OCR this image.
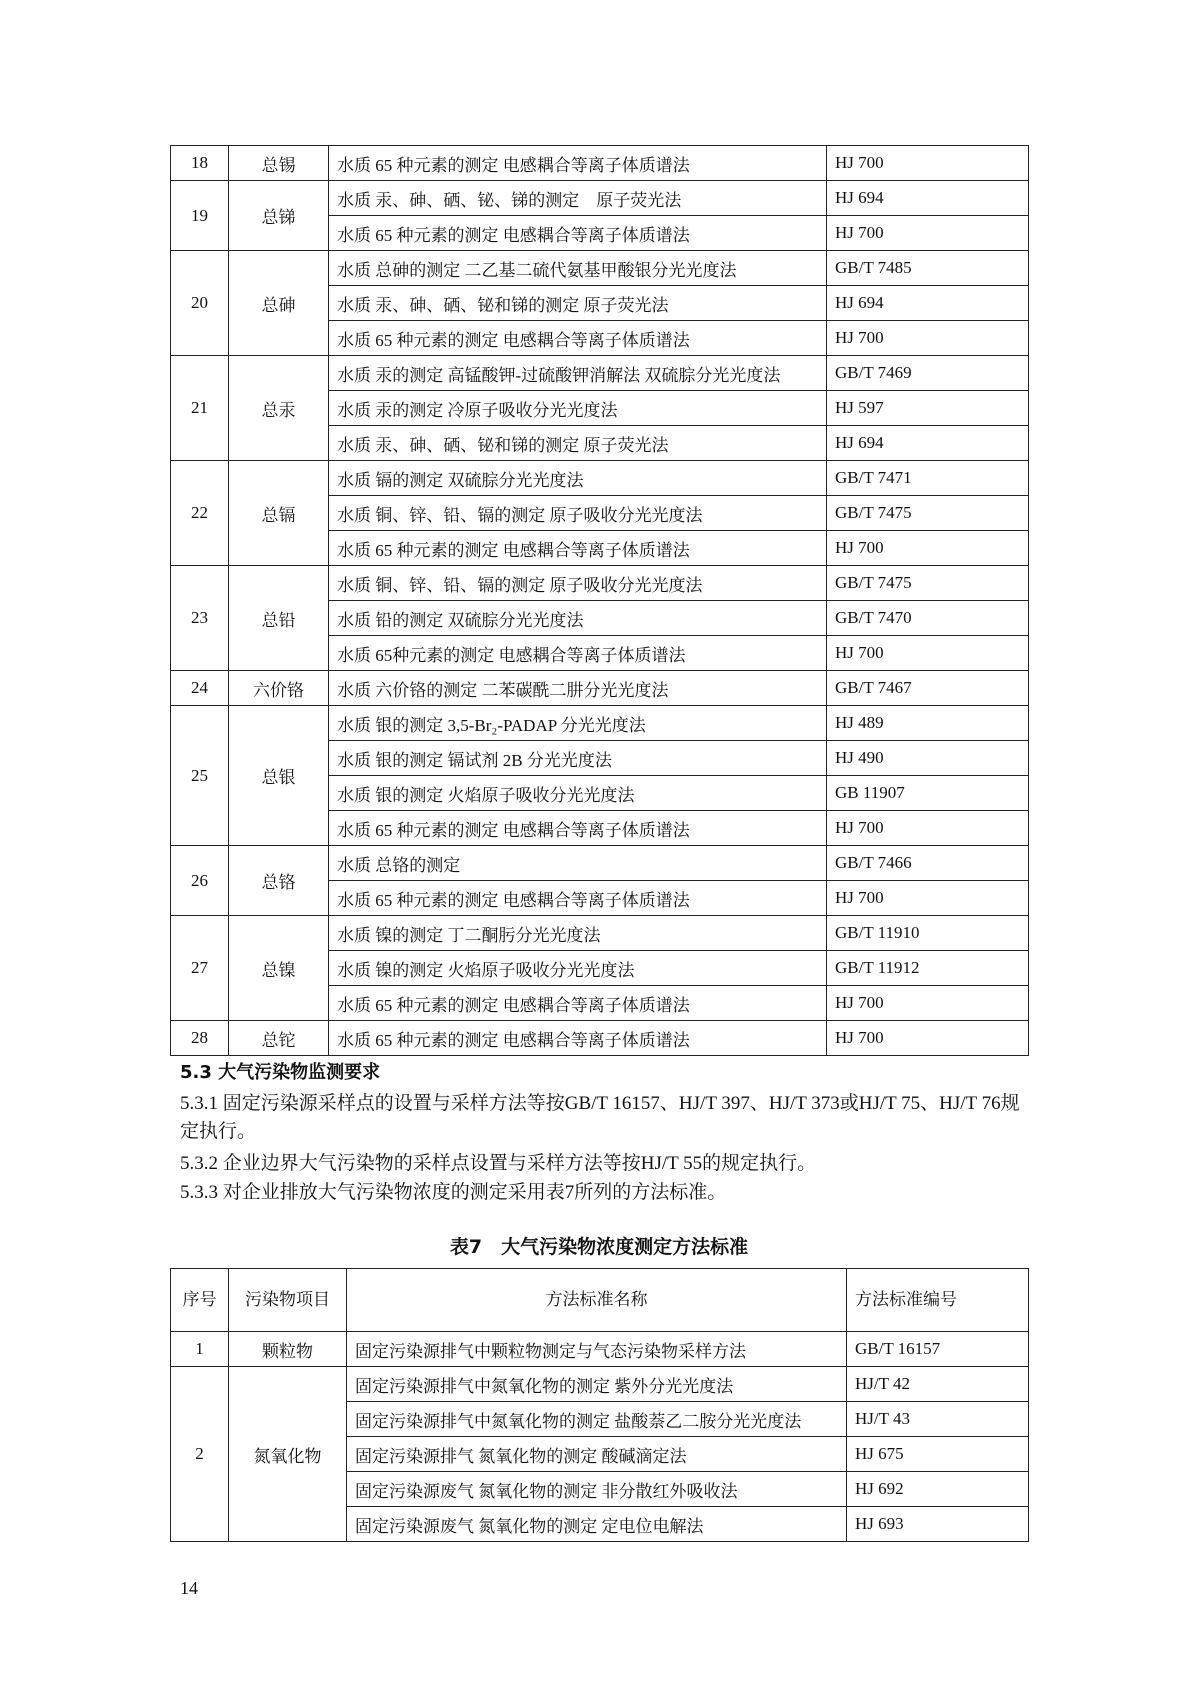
18	总锡	水质 65 种元素的测定 电感耦合等离子体质谱法	HJ 700
19	总锑	水质 汞、砷、硒、铋、锑的测定　原子荧光法	HJ 694
		水质 65 种元素的测定 电感耦合等离子体质谱法	HJ 700
20	总砷	水质 总砷的测定 二乙基二硫代氨基甲酸银分光光度法	GB/T 7485
		水质 汞、砷、硒、铋和锑的测定 原子荧光法	HJ 694
		水质 65 种元素的测定 电感耦合等离子体质谱法	HJ 700
21	总汞	水质 汞的测定 高锰酸钾-过硫酸钾消解法 双硫腙分光光度法	GB/T 7469
		水质 汞的测定 冷原子吸收分光光度法	HJ 597
		水质 汞、砷、硒、铋和锑的测定 原子荧光法	HJ 694
22	总镉	水质 镉的测定 双硫腙分光光度法	GB/T 7471
		水质 铜、锌、铅、镉的测定 原子吸收分光光度法	GB/T 7475
		水质 65 种元素的测定 电感耦合等离子体质谱法	HJ 700
23	总铅	水质 铜、锌、铅、镉的测定 原子吸收分光光度法	GB/T 7475
		水质 铅的测定 双硫腙分光光度法	GB/T 7470
		水质 65种元素的测定 电感耦合等离子体质谱法	HJ 700
24	六价铬	水质 六价铬的测定 二苯碳酰二肼分光光度法	GB/T 7467
25	总银	水质 银的测定 3,5-Br₂-PADAP 分光光度法	HJ 489
		水质 银的测定 镉试剂 2B 分光光度法	HJ 490
		水质 银的测定 火焰原子吸收分光光度法	GB 11907
		水质 65 种元素的测定 电感耦合等离子体质谱法	HJ 700
26	总铬	水质 总铬的测定	GB/T 7466
		水质 65 种元素的测定 电感耦合等离子体质谱法	HJ 700
27	总镍	水质 镍的测定 丁二酮肟分光光度法	GB/T 11910
		水质 镍的测定 火焰原子吸收分光光度法	GB/T 11912
		水质 65 种元素的测定 电感耦合等离子体质谱法	HJ 700
28	总铊	水质 65 种元素的测定 电感耦合等离子体质谱法	HJ 700
5.3 大气污染物监测要求
5.3.1 固定污染源采样点的设置与采样方法等按GB/T 16157、HJ/T 397、HJ/T 373或HJ/T 75、HJ/T 76规定执行。
5.3.2 企业边界大气污染物的采样点设置与采样方法等按HJ/T 55的规定执行。
5.3.3 对企业排放大气污染物浓度的测定采用表7所列的方法标准。
表7　大气污染物浓度测定方法标准
序号	污染物项目	方法标准名称	方法标准编号
1	颗粒物	固定污染源排气中颗粒物测定与气态污染物采样方法	GB/T 16157
2	氮氧化物	固定污染源排气中氮氧化物的测定 紫外分光光度法	HJ/T 42
		固定污染源排气中氮氧化物的测定 盐酸萘乙二胺分光光度法	HJ/T 43
		固定污染源排气 氮氧化物的测定 酸碱滴定法	HJ 675
		固定污染源废气 氮氧化物的测定 非分散红外吸收法	HJ 692
		固定污染源废气 氮氧化物的测定 定电位电解法	HJ 693
14
